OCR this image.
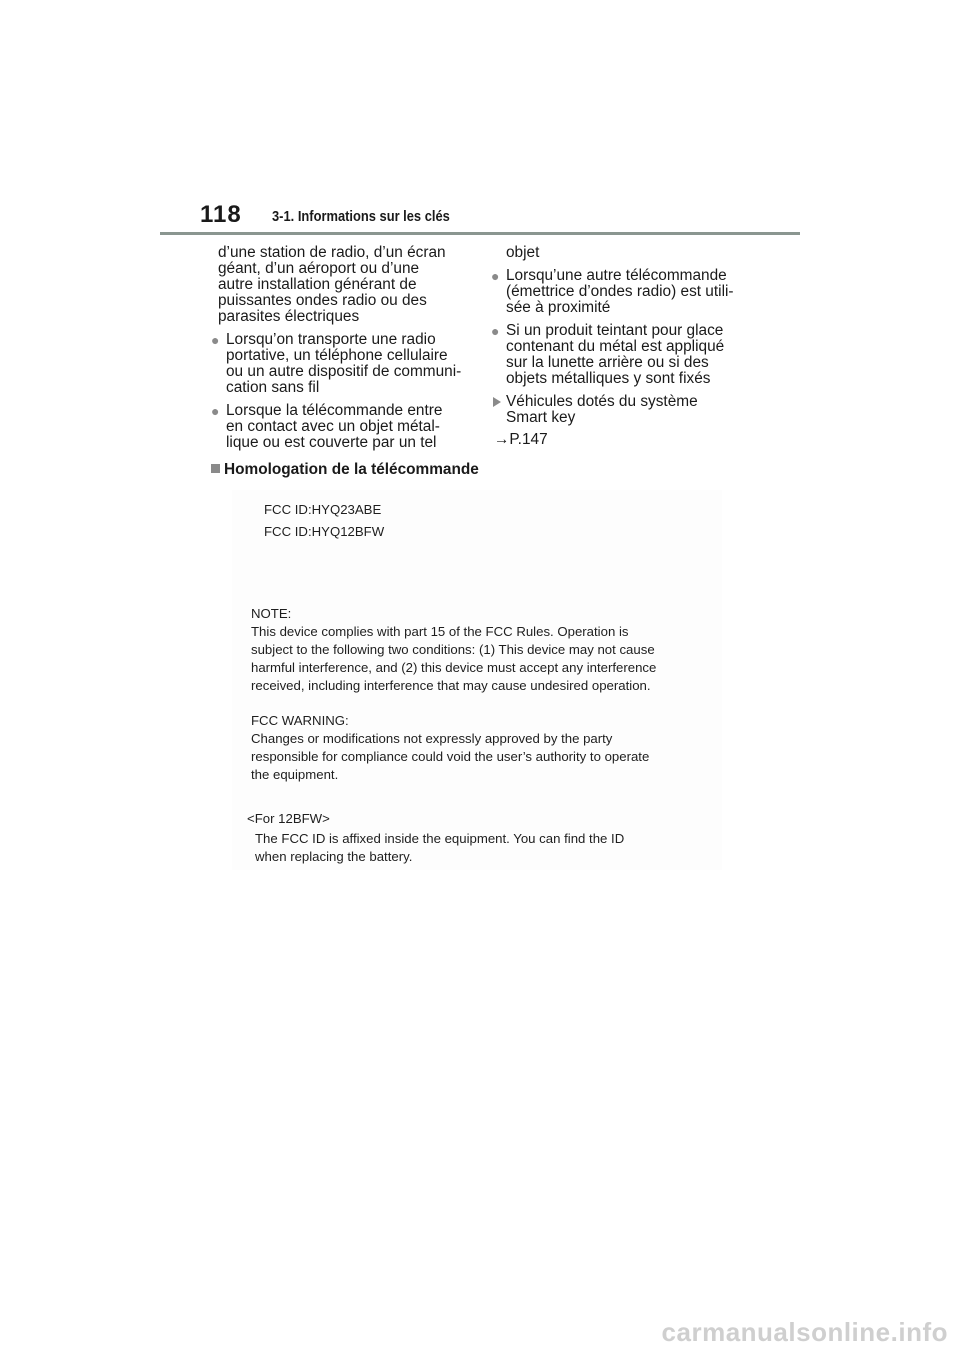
118 3-1. Informations sur les clés
d’une station de radio, d’un écran
géant, d’un aéroport ou d’une
autre installation générant de
puissantes ondes radio ou des
parasites électriques
● Lorsqu’on transporte une radio
portative, un téléphone cellulaire
ou un autre dispositif de communi-
cation sans fil
● Lorsque la télécommande entre
en contact avec un objet métal-
lique ou est couverte par un tel
objet
● Lorsqu’une autre télécommande
(émettrice d’ondes radio) est utili-
sée à proximité
● Si un produit teintant pour glace
contenant du métal est appliqué
sur la lunette arrière ou si des
objets métalliques y sont fixés
Véhicules dotés du système
Smart key
→P.147
Homologation de la télécommande
FCC ID:HYQ23ABE
FCC ID:HYQ12BFW
NOTE:
This device complies with part 15 of the FCC Rules. Operation is
subject to the following two conditions: (1) This device may not cause
harmful interference, and (2) this device must accept any interference
received, including interference that may cause undesired operation.
FCC WARNING:
Changes or modifications not expressly approved by the party
responsible for compliance could void the user’s authority to operate
the equipment.
<For 12BFW>
The FCC ID is affixed inside the equipment. You can find the ID
when replacing the battery.
carmanualsonline.info
